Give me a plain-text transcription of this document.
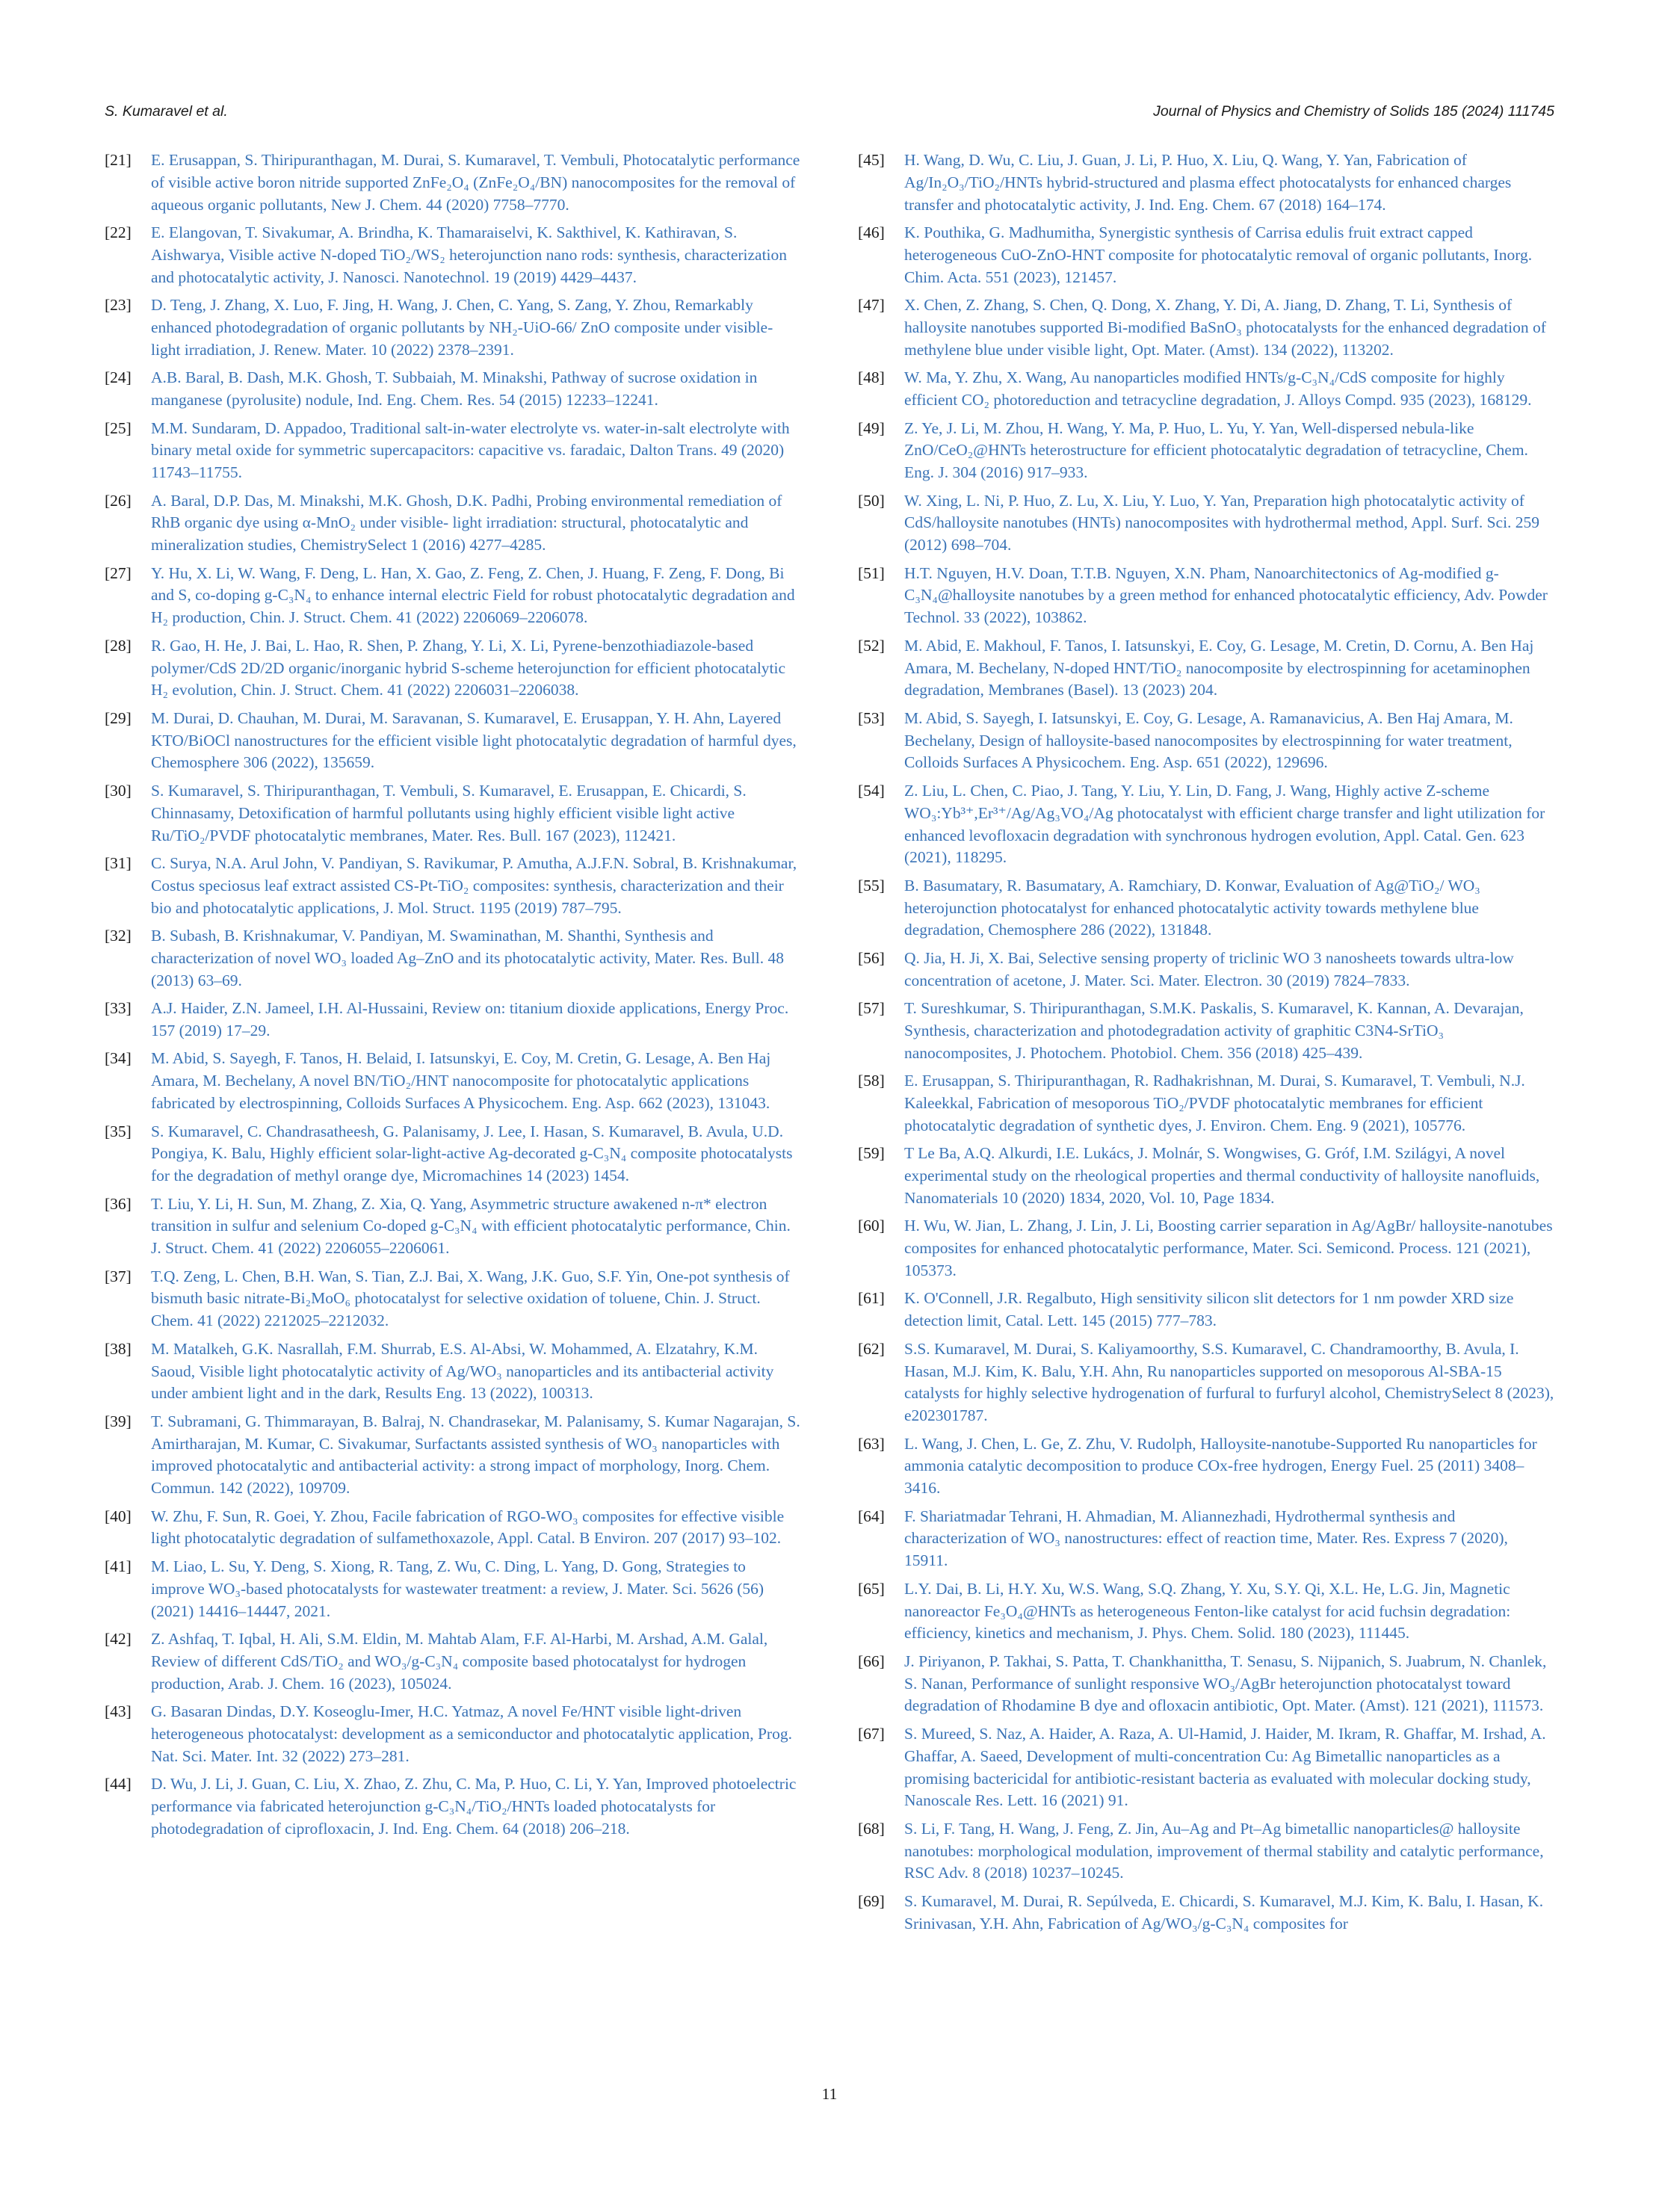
S. Kumaravel et al.	Journal of Physics and Chemistry of Solids 185 (2024) 111745
[21] E. Erusappan, S. Thiripuranthagan, M. Durai, S. Kumaravel, T. Vembuli, Photocatalytic performance of visible active boron nitride supported ZnFe₂O₄ (ZnFe₂O₄/BN) nanocomposites for the removal of aqueous organic pollutants, New J. Chem. 44 (2020) 7758–7770.
[22] E. Elangovan, T. Sivakumar, A. Brindha, K. Thamaraiselvi, K. Sakthivel, K. Kathiravan, S. Aishwarya, Visible active N-doped TiO₂/WS₂ heterojunction nano rods: synthesis, characterization and photocatalytic activity, J. Nanosci. Nanotechnol. 19 (2019) 4429–4437.
[23] D. Teng, J. Zhang, X. Luo, F. Jing, H. Wang, J. Chen, C. Yang, S. Zang, Y. Zhou, Remarkably enhanced photodegradation of organic pollutants by NH₂-UiO-66/ ZnO composite under visible-light irradiation, J. Renew. Mater. 10 (2022) 2378–2391.
[24] A.B. Baral, B. Dash, M.K. Ghosh, T. Subbaiah, M. Minakshi, Pathway of sucrose oxidation in manganese (pyrolusite) nodule, Ind. Eng. Chem. Res. 54 (2015) 12233–12241.
[25] M.M. Sundaram, D. Appadoo, Traditional salt-in-water electrolyte vs. water-in-salt electrolyte with binary metal oxide for symmetric supercapacitors: capacitive vs. faradaic, Dalton Trans. 49 (2020) 11743–11755.
[26] A. Baral, D.P. Das, M. Minakshi, M.K. Ghosh, D.K. Padhi, Probing environmental remediation of RhB organic dye using α-MnO₂ under visible- light irradiation: structural, photocatalytic and mineralization studies, ChemistrySelect 1 (2016) 4277–4285.
[27] Y. Hu, X. Li, W. Wang, F. Deng, L. Han, X. Gao, Z. Feng, Z. Chen, J. Huang, F. Zeng, F. Dong, Bi and S, co-doping g-C₃N₄ to enhance internal electric Field for robust photocatalytic degradation and H₂ production, Chin. J. Struct. Chem. 41 (2022) 2206069–2206078.
[28] R. Gao, H. He, J. Bai, L. Hao, R. Shen, P. Zhang, Y. Li, X. Li, Pyrene-benzothiadiazole-based polymer/CdS 2D/2D organic/inorganic hybrid S-scheme heterojunction for efficient photocatalytic H₂ evolution, Chin. J. Struct. Chem. 41 (2022) 2206031–2206038.
[29] M. Durai, D. Chauhan, M. Durai, M. Saravanan, S. Kumaravel, E. Erusappan, Y. H. Ahn, Layered KTO/BiOCl nanostructures for the efficient visible light photocatalytic degradation of harmful dyes, Chemosphere 306 (2022), 135659.
[30] S. Kumaravel, S. Thiripuranthagan, T. Vembuli, S. Kumaravel, E. Erusappan, E. Chicardi, S. Chinnasamy, Detoxification of harmful pollutants using highly efficient visible light active Ru/TiO₂/PVDF photocatalytic membranes, Mater. Res. Bull. 167 (2023), 112421.
[31] C. Surya, N.A. Arul John, V. Pandiyan, S. Ravikumar, P. Amutha, A.J.F.N. Sobral, B. Krishnakumar, Costus speciosus leaf extract assisted CS-Pt-TiO₂ composites: synthesis, characterization and their bio and photocatalytic applications, J. Mol. Struct. 1195 (2019) 787–795.
[32] B. Subash, B. Krishnakumar, V. Pandiyan, M. Swaminathan, M. Shanthi, Synthesis and characterization of novel WO₃ loaded Ag–ZnO and its photocatalytic activity, Mater. Res. Bull. 48 (2013) 63–69.
[33] A.J. Haider, Z.N. Jameel, I.H. Al-Hussaini, Review on: titanium dioxide applications, Energy Proc. 157 (2019) 17–29.
[34] M. Abid, S. Sayegh, F. Tanos, H. Belaid, I. Iatsunskyi, E. Coy, M. Cretin, G. Lesage, A. Ben Haj Amara, M. Bechelany, A novel BN/TiO₂/HNT nanocomposite for photocatalytic applications fabricated by electrospinning, Colloids Surfaces A Physicochem. Eng. Asp. 662 (2023), 131043.
[35] S. Kumaravel, C. Chandrasatheesh, G. Palanisamy, J. Lee, I. Hasan, S. Kumaravel, B. Avula, U.D. Pongiya, K. Balu, Highly efficient solar-light-active Ag-decorated g-C₃N₄ composite photocatalysts for the degradation of methyl orange dye, Micromachines 14 (2023) 1454.
[36] T. Liu, Y. Li, H. Sun, M. Zhang, Z. Xia, Q. Yang, Asymmetric structure awakened n-π* electron transition in sulfur and selenium Co-doped g-C₃N₄ with efficient photocatalytic performance, Chin. J. Struct. Chem. 41 (2022) 2206055–2206061.
[37] T.Q. Zeng, L. Chen, B.H. Wan, S. Tian, Z.J. Bai, X. Wang, J.K. Guo, S.F. Yin, One-pot synthesis of bismuth basic nitrate-Bi₂MoO₆ photocatalyst for selective oxidation of toluene, Chin. J. Struct. Chem. 41 (2022) 2212025–2212032.
[38] M. Matalkeh, G.K. Nasrallah, F.M. Shurrab, E.S. Al-Absi, W. Mohammed, A. Elzatahry, K.M. Saoud, Visible light photocatalytic activity of Ag/WO₃ nanoparticles and its antibacterial activity under ambient light and in the dark, Results Eng. 13 (2022), 100313.
[39] T. Subramani, G. Thimmarayan, B. Balraj, N. Chandrasekar, M. Palanisamy, S. Kumar Nagarajan, S. Amirtharajan, M. Kumar, C. Sivakumar, Surfactants assisted synthesis of WO₃ nanoparticles with improved photocatalytic and antibacterial activity: a strong impact of morphology, Inorg. Chem. Commun. 142 (2022), 109709.
[40] W. Zhu, F. Sun, R. Goei, Y. Zhou, Facile fabrication of RGO-WO₃ composites for effective visible light photocatalytic degradation of sulfamethoxazole, Appl. Catal. B Environ. 207 (2017) 93–102.
[41] M. Liao, L. Su, Y. Deng, S. Xiong, R. Tang, Z. Wu, C. Ding, L. Yang, D. Gong, Strategies to improve WO₃-based photocatalysts for wastewater treatment: a review, J. Mater. Sci. 5626 (56) (2021) 14416–14447, 2021.
[42] Z. Ashfaq, T. Iqbal, H. Ali, S.M. Eldin, M. Mahtab Alam, F.F. Al-Harbi, M. Arshad, A.M. Galal, Review of different CdS/TiO₂ and WO₃/g-C₃N₄ composite based photocatalyst for hydrogen production, Arab. J. Chem. 16 (2023), 105024.
[43] G. Basaran Dindas, D.Y. Koseoglu-Imer, H.C. Yatmaz, A novel Fe/HNT visible light-driven heterogeneous photocatalyst: development as a semiconductor and photocatalytic application, Prog. Nat. Sci. Mater. Int. 32 (2022) 273–281.
[44] D. Wu, J. Li, J. Guan, C. Liu, X. Zhao, Z. Zhu, C. Ma, P. Huo, C. Li, Y. Yan, Improved photoelectric performance via fabricated heterojunction g-C₃N₄/TiO₂/HNTs loaded photocatalysts for photodegradation of ciprofloxacin, J. Ind. Eng. Chem. 64 (2018) 206–218.
[45] H. Wang, D. Wu, C. Liu, J. Guan, J. Li, P. Huo, X. Liu, Q. Wang, Y. Yan, Fabrication of Ag/In₂O₃/TiO₂/HNTs hybrid-structured and plasma effect photocatalysts for enhanced charges transfer and photocatalytic activity, J. Ind. Eng. Chem. 67 (2018) 164–174.
[46] K. Pouthika, G. Madhumitha, Synergistic synthesis of Carrisa edulis fruit extract capped heterogeneous CuO-ZnO-HNT composite for photocatalytic removal of organic pollutants, Inorg. Chim. Acta. 551 (2023), 121457.
[47] X. Chen, Z. Zhang, S. Chen, Q. Dong, X. Zhang, Y. Di, A. Jiang, D. Zhang, T. Li, Synthesis of halloysite nanotubes supported Bi-modified BaSnO₃ photocatalysts for the enhanced degradation of methylene blue under visible light, Opt. Mater. (Amst). 134 (2022), 113202.
[48] W. Ma, Y. Zhu, X. Wang, Au nanoparticles modified HNTs/g-C₃N₄/CdS composite for highly efficient CO₂ photoreduction and tetracycline degradation, J. Alloys Compd. 935 (2023), 168129.
[49] Z. Ye, J. Li, M. Zhou, H. Wang, Y. Ma, P. Huo, L. Yu, Y. Yan, Well-dispersed nebula-like ZnO/CeO₂@HNTs heterostructure for efficient photocatalytic degradation of tetracycline, Chem. Eng. J. 304 (2016) 917–933.
[50] W. Xing, L. Ni, P. Huo, Z. Lu, X. Liu, Y. Luo, Y. Yan, Preparation high photocatalytic activity of CdS/halloysite nanotubes (HNTs) nanocomposites with hydrothermal method, Appl. Surf. Sci. 259 (2012) 698–704.
[51] H.T. Nguyen, H.V. Doan, T.T.B. Nguyen, X.N. Pham, Nanoarchitectonics of Ag-modified g-C₃N₄@halloysite nanotubes by a green method for enhanced photocatalytic efficiency, Adv. Powder Technol. 33 (2022), 103862.
[52] M. Abid, E. Makhoul, F. Tanos, I. Iatsunskyi, E. Coy, G. Lesage, M. Cretin, D. Cornu, A. Ben Haj Amara, M. Bechelany, N-doped HNT/TiO₂ nanocomposite by electrospinning for acetaminophen degradation, Membranes (Basel). 13 (2023) 204.
[53] M. Abid, S. Sayegh, I. Iatsunskyi, E. Coy, G. Lesage, A. Ramanavicius, A. Ben Haj Amara, M. Bechelany, Design of halloysite-based nanocomposites by electrospinning for water treatment, Colloids Surfaces A Physicochem. Eng. Asp. 651 (2022), 129696.
[54] Z. Liu, L. Chen, C. Piao, J. Tang, Y. Liu, Y. Lin, D. Fang, J. Wang, Highly active Z-scheme WO₃:Yb³⁺,Er³⁺/Ag/Ag₃VO₄/Ag photocatalyst with efficient charge transfer and light utilization for enhanced levofloxacin degradation with synchronous hydrogen evolution, Appl. Catal. Gen. 623 (2021), 118295.
[55] B. Basumatary, R. Basumatary, A. Ramchiary, D. Konwar, Evaluation of Ag@TiO₂/ WO₃ heterojunction photocatalyst for enhanced photocatalytic activity towards methylene blue degradation, Chemosphere 286 (2022), 131848.
[56] Q. Jia, H. Ji, X. Bai, Selective sensing property of triclinic WO 3 nanosheets towards ultra-low concentration of acetone, J. Mater. Sci. Mater. Electron. 30 (2019) 7824–7833.
[57] T. Sureshkumar, S. Thiripuranthagan, S.M.K. Paskalis, S. Kumaravel, K. Kannan, A. Devarajan, Synthesis, characterization and photodegradation activity of graphitic C3N4-SrTiO₃ nanocomposites, J. Photochem. Photobiol. Chem. 356 (2018) 425–439.
[58] E. Erusappan, S. Thiripuranthagan, R. Radhakrishnan, M. Durai, S. Kumaravel, T. Vembuli, N.J. Kaleekkal, Fabrication of mesoporous TiO₂/PVDF photocatalytic membranes for efficient photocatalytic degradation of synthetic dyes, J. Environ. Chem. Eng. 9 (2021), 105776.
[59] T Le Ba, A.Q. Alkurdi, I.E. Lukács, J. Molnár, S. Wongwises, G. Gróf, I.M. Szilágyi, A novel experimental study on the rheological properties and thermal conductivity of halloysite nanofluids, Nanomaterials 10 (2020) 1834, 2020, Vol. 10, Page 1834.
[60] H. Wu, W. Jian, L. Zhang, J. Lin, J. Li, Boosting carrier separation in Ag/AgBr/ halloysite-nanotubes composites for enhanced photocatalytic performance, Mater. Sci. Semicond. Process. 121 (2021), 105373.
[61] K. O'Connell, J.R. Regalbuto, High sensitivity silicon slit detectors for 1 nm powder XRD size detection limit, Catal. Lett. 145 (2015) 777–783.
[62] S.S. Kumaravel, M. Durai, S. Kaliyamoorthy, S.S. Kumaravel, C. Chandramoorthy, B. Avula, I. Hasan, M.J. Kim, K. Balu, Y.H. Ahn, Ru nanoparticles supported on mesoporous Al-SBA-15 catalysts for highly selective hydrogenation of furfural to furfuryl alcohol, ChemistrySelect 8 (2023), e202301787.
[63] L. Wang, J. Chen, L. Ge, Z. Zhu, V. Rudolph, Halloysite-nanotube-Supported Ru nanoparticles for ammonia catalytic decomposition to produce COx-free hydrogen, Energy Fuel. 25 (2011) 3408–3416.
[64] F. Shariatmadar Tehrani, H. Ahmadian, M. Aliannezhadi, Hydrothermal synthesis and characterization of WO₃ nanostructures: effect of reaction time, Mater. Res. Express 7 (2020), 15911.
[65] L.Y. Dai, B. Li, H.Y. Xu, W.S. Wang, S.Q. Zhang, Y. Xu, S.Y. Qi, X.L. He, L.G. Jin, Magnetic nanoreactor Fe₃O₄@HNTs as heterogeneous Fenton-like catalyst for acid fuchsin degradation: efficiency, kinetics and mechanism, J. Phys. Chem. Solid. 180 (2023), 111445.
[66] J. Piriyanon, P. Takhai, S. Patta, T. Chankhanittha, T. Senasu, S. Nijpanich, S. Juabrum, N. Chanlek, S. Nanan, Performance of sunlight responsive WO₃/AgBr heterojunction photocatalyst toward degradation of Rhodamine B dye and ofloxacin antibiotic, Opt. Mater. (Amst). 121 (2021), 111573.
[67] S. Mureed, S. Naz, A. Haider, A. Raza, A. Ul-Hamid, J. Haider, M. Ikram, R. Ghaffar, M. Irshad, A. Ghaffar, A. Saeed, Development of multi-concentration Cu: Ag Bimetallic nanoparticles as a promising bactericidal for antibiotic-resistant bacteria as evaluated with molecular docking study, Nanoscale Res. Lett. 16 (2021) 91.
[68] S. Li, F. Tang, H. Wang, J. Feng, Z. Jin, Au–Ag and Pt–Ag bimetallic nanoparticles@ halloysite nanotubes: morphological modulation, improvement of thermal stability and catalytic performance, RSC Adv. 8 (2018) 10237–10245.
[69] S. Kumaravel, M. Durai, R. Sepúlveda, E. Chicardi, S. Kumaravel, M.J. Kim, K. Balu, I. Hasan, K. Srinivasan, Y.H. Ahn, Fabrication of Ag/WO₃/g-C₃N₄ composites for
11
